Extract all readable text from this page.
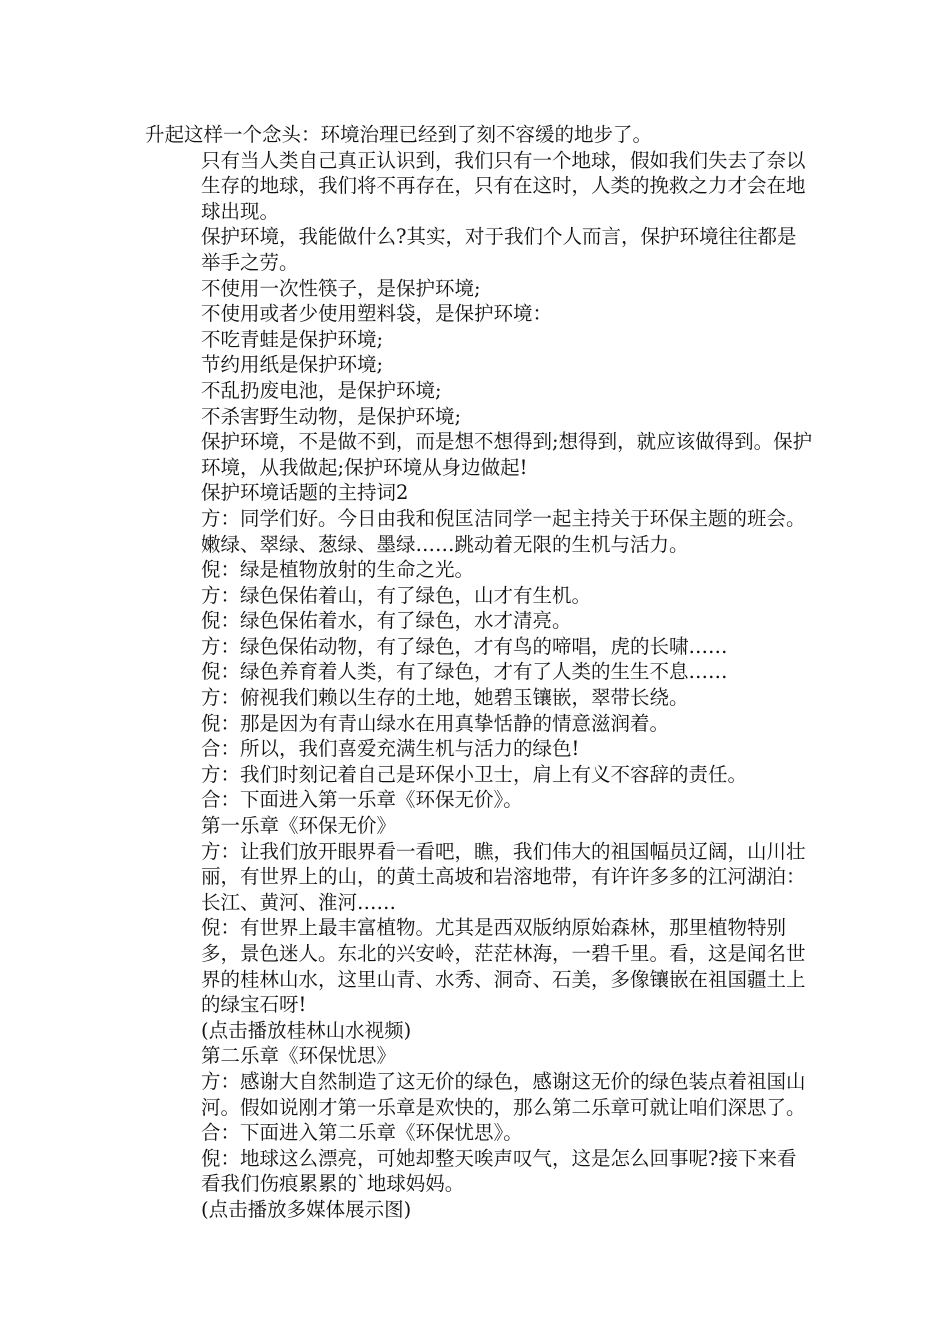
升起这样一个念头：环境治理已经到了刻不容缓的地步了。

只有当人类自己真正认识到，我们只有一个地球，假如我们失去了奈以生存的地球，我们将不再存在，只有在这时，人类的挽救之力才会在地球出现。

保护环境，我能做什么?其实，对于我们个人而言，保护环境往往都是举手之劳。

不使用一次性筷子，是保护环境;

不使用或者少使用塑料袋，是保护环境：

不吃青蛙是保护环境;

节约用纸是保护环境;

不乱扔废电池，是保护环境;

不杀害野生动物，是保护环境;

保护环境，不是做不到，而是想不想得到;想得到，就应该做得到。保护环境，从我做起;保护环境从身边做起!

保护环境话题的主持词2

方：同学们好。今日由我和倪匡洁同学一起主持关于环保主题的班会。嫩绿、翠绿、葱绿、墨绿……跳动着无限的生机与活力。

倪：绿是植物放射的生命之光。

方：绿色保佑着山，有了绿色，山才有生机。

倪：绿色保佑着水，有了绿色，水才清亮。

方：绿色保佑动物，有了绿色，才有鸟的啼唱，虎的长啸……

倪：绿色养育着人类，有了绿色，才有了人类的生生不息……

方：俯视我们赖以生存的土地，她碧玉镶嵌，翠带长绕。

倪：那是因为有青山绿水在用真挚恬静的情意滋润着。

合：所以，我们喜爱充满生机与活力的绿色!

方：我们时刻记着自己是环保小卫士，肩上有义不容辞的责任。

合：下面进入第一乐章《环保无价》。

第一乐章《环保无价》

方：让我们放开眼界看一看吧，瞧，我们伟大的祖国幅员辽阔，山川壮丽，有世界上的山，的黄土高坡和岩溶地带，有许许多多的江河湖泊：长江、黄河、淮河……

倪：有世界上最丰富植物。尤其是西双版纳原始森林，那里植物特别多，景色迷人。东北的兴安岭，茫茫林海，一碧千里。看，这是闻名世界的桂林山水，这里山青、水秀、洞奇、石美，多像镶嵌在祖国疆土上的绿宝石呀!

(点击播放桂林山水视频)

第二乐章《环保忧思》

方：感谢大自然制造了这无价的绿色，感谢这无价的绿色装点着祖国山河。假如说刚才第一乐章是欢快的，那么第二乐章可就让咱们深思了。

合：下面进入第二乐章《环保忧思》。

倪：地球这么漂亮，可她却整天唉声叹气，这是怎么回事呢?接下来看看我们伤痕累累的`地球妈妈。

(点击播放多媒体展示图)
